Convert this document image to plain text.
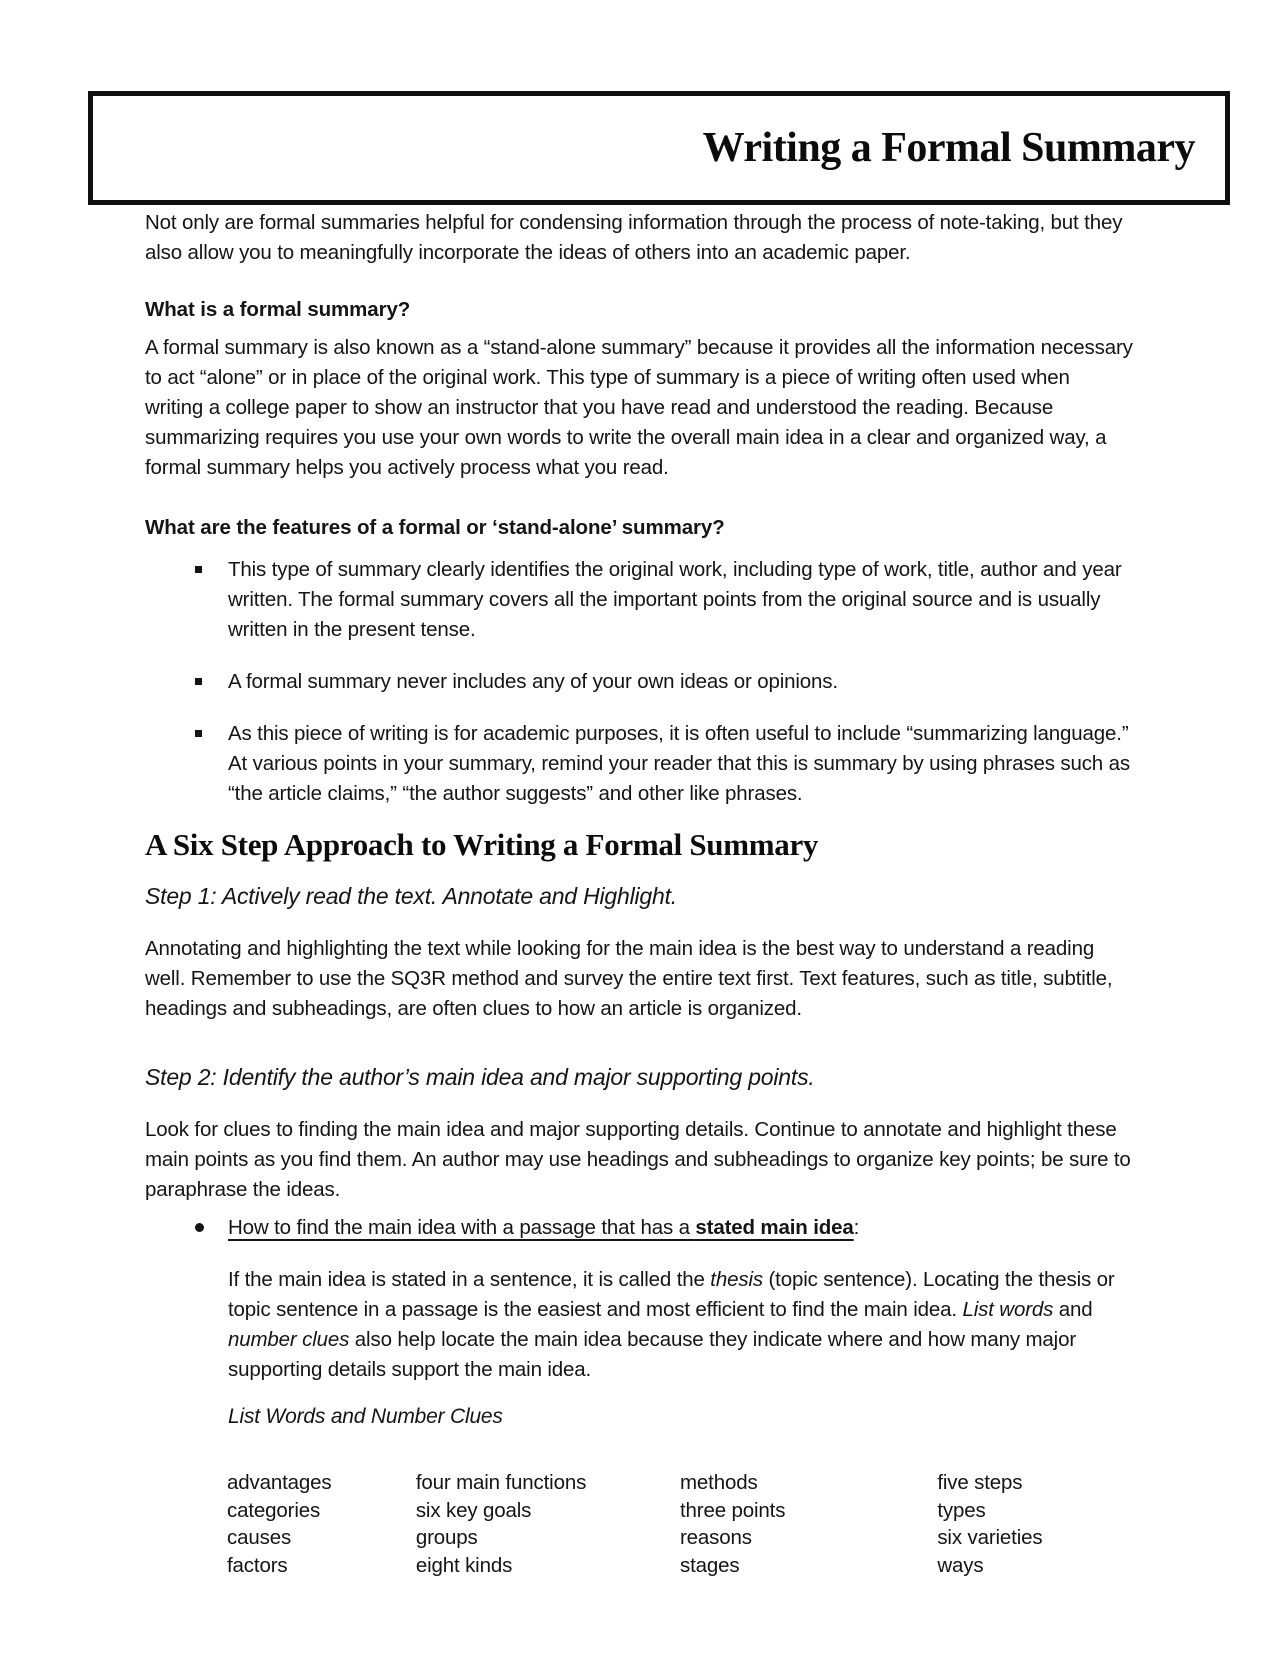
Writing a Formal Summary

Not only are formal summaries helpful for condensing information through the process of note-taking, but they also allow you to meaningfully incorporate the ideas of others into an academic paper.

What is a formal summary?

A formal summary is also known as a “stand-alone summary” because it provides all the information necessary to act “alone” or in place of the original work. This type of summary is a piece of writing often used when writing a college paper to show an instructor that you have read and understood the reading. Because summarizing requires you use your own words to write the overall main idea in a clear and organized way, a formal summary helps you actively process what you read.

What are the features of a formal or ‘stand-alone’ summary?

This type of summary clearly identifies the original work, including type of work, title, author and year written. The formal summary covers all the important points from the original source and is usually written in the present tense.

A formal summary never includes any of your own ideas or opinions.

As this piece of writing is for academic purposes, it is often useful to include “summarizing language.” At various points in your summary, remind your reader that this is summary by using phrases such as “the article claims,” “the author suggests” and other like phrases.

A Six Step Approach to Writing a Formal Summary

Step 1: Actively read the text. Annotate and Highlight.

Annotating and highlighting the text while looking for the main idea is the best way to understand a reading well. Remember to use the SQ3R method and survey the entire text first. Text features, such as title, subtitle, headings and subheadings, are often clues to how an article is organized.

Step 2: Identify the author’s main idea and major supporting points.

Look for clues to finding the main idea and major supporting details. Continue to annotate and highlight these main points as you find them. An author may use headings and subheadings to organize key points; be sure to paraphrase the ideas.

How to find the main idea with a passage that has a stated main idea:

If the main idea is stated in a sentence, it is called the thesis (topic sentence). Locating the thesis or topic sentence in a passage is the easiest and most efficient to find the main idea. List words and number clues also help locate the main idea because they indicate where and how many major supporting details support the main idea.

List Words and Number Clues

advantages
categories
causes
factors
four main functions
six key goals
groups
eight kinds
methods
three points
reasons
stages
five steps
types
six varieties
ways
